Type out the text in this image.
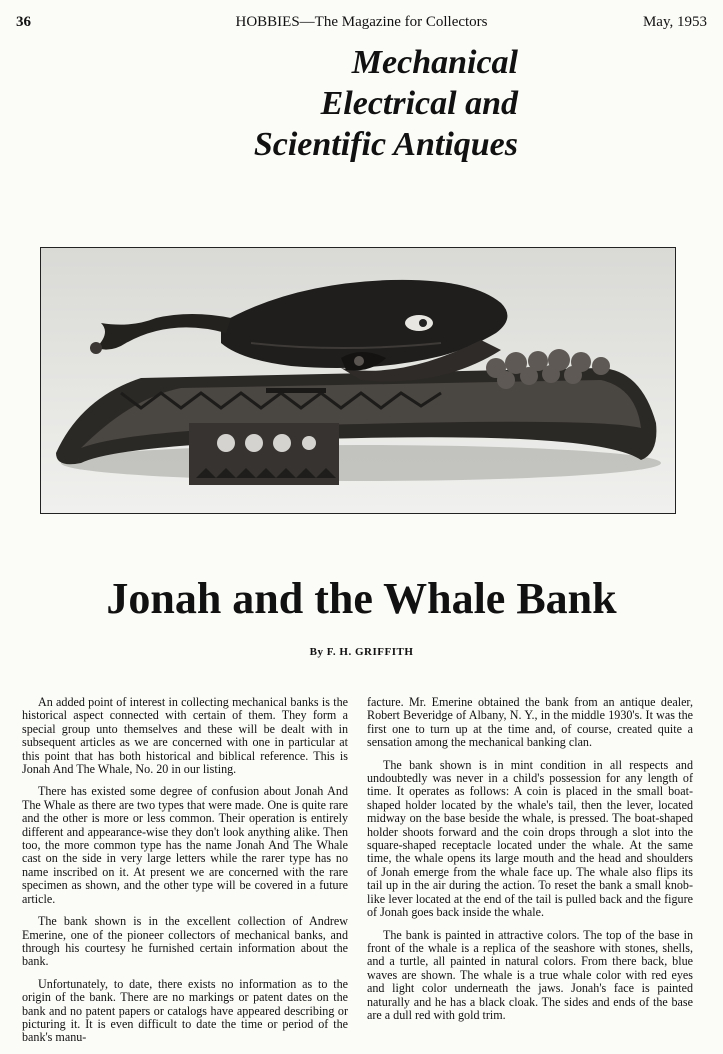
36	HOBBIES—The Magazine for Collectors	May, 1953
Mechanical
Electrical and
Scientific Antiques
Jonah and the Whale Bank
By F. H. GRIFFITH

An added point of interest in collecting mechanical banks is the historical aspect connected with certain of them. They form a special group unto themselves and these will be dealt with in subsequent articles as we are concerned with one in particular at this point that has both historical and biblical reference. This is Jonah And The Whale, No. 20 in our listing.

There has existed some degree of confusion about Jonah And The Whale as there are two types that were made. One is quite rare and the other is more or less common. Their operation is entirely different and appearance-wise they don't look anything alike. Then too, the more common type has the name Jonah And The Whale cast on the side in very large letters while the rarer type has no name inscribed on it. At present we are concerned with the rare specimen as shown, and the other type will be covered in a future article.

The bank shown is in the excellent collection of Andrew Emerine, one of the pioneer collectors of mechanical banks, and through his courtesy he furnished certain information about the bank.

Unfortunately, to date, there exists no information as to the origin of the bank. There are no markings or patent dates on the bank and no patent papers or catalogs have appeared describing or picturing it. It is even difficult to date the time or period of the bank's manu-

facture. Mr. Emerine obtained the bank from an antique dealer, Robert Beveridge of Albany, N. Y., in the middle 1930's. It was the first one to turn up at the time and, of course, created quite a sensation among the mechanical banking clan.

The bank shown is in mint condition in all respects and undoubtedly was never in a child's possession for any length of time. It operates as follows: A coin is placed in the small boat-shaped holder located by the whale's tail, then the lever, located midway on the base beside the whale, is pressed. The boat-shaped holder shoots forward and the coin drops through a slot into the square-shaped receptacle located under the whale. At the same time, the whale opens its large mouth and the head and shoulders of Jonah emerge from the whale face up. The whale also flips its tail up in the air during the action. To reset the bank a small knob-like lever located at the end of the tail is pulled back and the figure of Jonah goes back inside the whale.

The bank is painted in attractive colors. The top of the base in front of the whale is a replica of the seashore with stones, shells, and a turtle, all painted in natural colors. From there back, blue waves are shown. The whale is a true whale color with red eyes and light color underneath the jaws. Jonah's face is painted naturally and he has a black cloak. The sides and ends of the base are a dull red with gold trim.
